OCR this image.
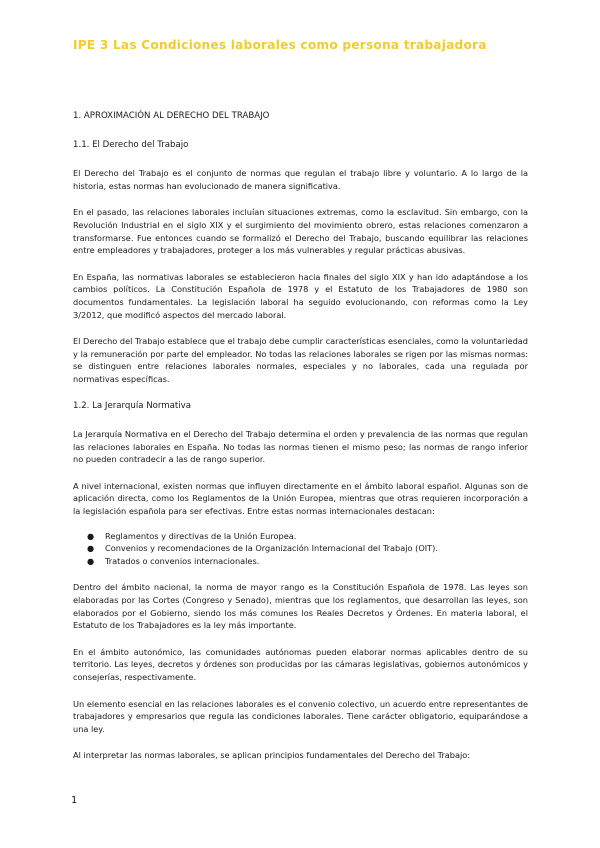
IPE 3 Las Condiciones laborales como persona trabajadora
1. APROXIMACIÓN AL DERECHO DEL TRABAJO
1.1. El Derecho del Trabajo

El Derecho del Trabajo es el conjunto de normas que regulan el trabajo libre y voluntario. A lo largo de la historia, estas normas han evolucionado de manera significativa.

En el pasado, las relaciones laborales incluían situaciones extremas, como la esclavitud. Sin embargo, con la Revolución Industrial en el siglo XIX y el surgimiento del movimiento obrero, estas relaciones comenzaron a transformarse. Fue entonces cuando se formalizó el Derecho del Trabajo, buscando equilibrar las relaciones entre empleadores y trabajadores, proteger a los más vulnerables y regular prácticas abusivas.

En España, las normativas laborales se establecieron hacia finales del siglo XIX y han ido adaptándose a los cambios políticos. La Constitución Española de 1978 y el Estatuto de los Trabajadores de 1980 son documentos fundamentales. La legislación laboral ha seguido evolucionando, con reformas como la Ley 3/2012, que modificó aspectos del mercado laboral.

El Derecho del Trabajo establece que el trabajo debe cumplir características esenciales, como la voluntariedad y la remuneración por parte del empleador. No todas las relaciones laborales se rigen por las mismas normas: se distinguen entre relaciones laborales normales, especiales y no laborales, cada una regulada por normativas específicas.

1.2. La Jerarquía Normativa

La Jerarquía Normativa en el Derecho del Trabajo determina el orden y prevalencia de las normas que regulan las relaciones laborales en España. No todas las normas tienen el mismo peso; las normas de rango inferior no pueden contradecir a las de rango superior.

A nivel internacional, existen normas que influyen directamente en el ámbito laboral español. Algunas son de aplicación directa, como los Reglamentos de la Unión Europea, mientras que otras requieren incorporación a la legislación española para ser efectivas. Entre estas normas internacionales destacan:

● Reglamentos y directivas de la Unión Europea.
● Convenios y recomendaciones de la Organización Internacional del Trabajo (OIT).
● Tratados o convenios internacionales.

Dentro del ámbito nacional, la norma de mayor rango es la Constitución Española de 1978. Las leyes son elaboradas por las Cortes (Congreso y Senado), mientras que los reglamentos, que desarrollan las leyes, son elaborados por el Gobierno, siendo los más comunes los Reales Decretos y Órdenes. En materia laboral, el Estatuto de los Trabajadores es la ley más importante.

En el ámbito autonómico, las comunidades autónomas pueden elaborar normas aplicables dentro de su territorio. Las leyes, decretos y órdenes son producidas por las cámaras legislativas, gobiernos autonómicos y consejerías, respectivamente.

Un elemento esencial en las relaciones laborales es el convenio colectivo, un acuerdo entre representantes de trabajadores y empresarios que regula las condiciones laborales. Tiene carácter obligatorio, equiparándose a una ley.

Al interpretar las normas laborales, se aplican principios fundamentales del Derecho del Trabajo:

1
